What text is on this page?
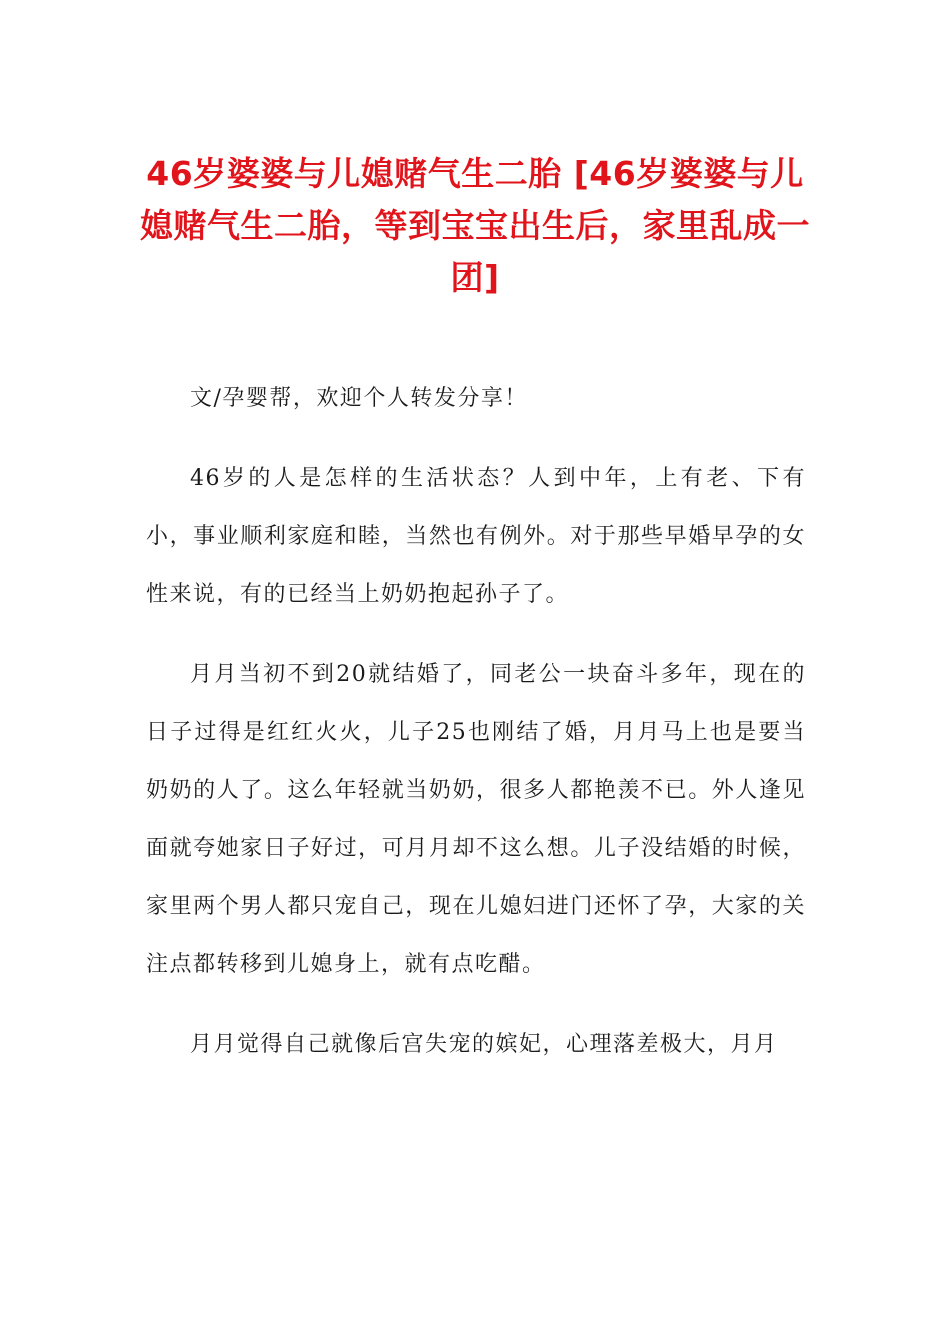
46岁婆婆与儿媳赌气生二胎 [46岁婆婆与儿媳赌气生二胎，等到宝宝出生后，家里乱成一团]

文/孕婴帮，欢迎个人转发分享！

46岁的人是怎样的生活状态？人到中年，上有老、下有小，事业顺利家庭和睦，当然也有例外。对于那些早婚早孕的女性来说，有的已经当上奶奶抱起孙子了。

月月当初不到20就结婚了，同老公一块奋斗多年，现在的日子过得是红红火火，儿子25也刚结了婚，月月马上也是要当奶奶的人了。这么年轻就当奶奶，很多人都艳羡不已。外人逢见面就夸她家日子好过，可月月却不这么想。儿子没结婚的时候，家里两个男人都只宠自己，现在儿媳妇进门还怀了孕，大家的关注点都转移到儿媳身上，就有点吃醋。

月月觉得自己就像后宫失宠的嫔妃，心理落差极大，月月
